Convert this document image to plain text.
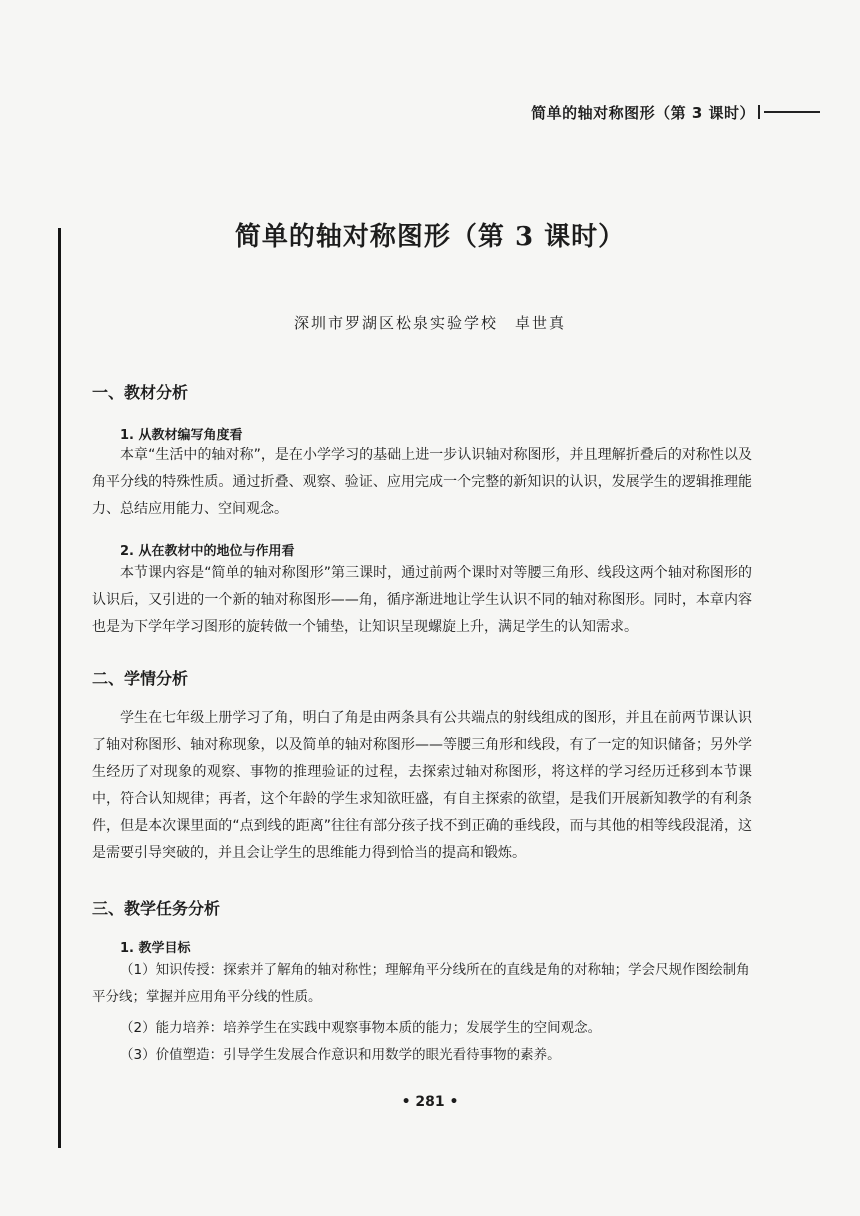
简单的轴对称图形（第 3 课时）
简单的轴对称图形（第 3 课时）
深圳市罗湖区松泉实验学校　卓世真
一、教材分析
1. 从教材编写角度看
本章“生活中的轴对称”，是在小学学习的基础上进一步认识轴对称图形，并且理解折叠后的对称性以及角平分线的特殊性质。通过折叠、观察、验证、应用完成一个完整的新知识的认识，发展学生的逻辑推理能力、总结应用能力、空间观念。
2. 从在教材中的地位与作用看
本节课内容是“简单的轴对称图形”第三课时，通过前两个课时对等腰三角形、线段这两个轴对称图形的认识后，又引进的一个新的轴对称图形——角，循序渐进地让学生认识不同的轴对称图形。同时，本章内容也是为下学年学习图形的旋转做一个铺垫，让知识呈现螺旋上升，满足学生的认知需求。
二、学情分析
学生在七年级上册学习了角，明白了角是由两条具有公共端点的射线组成的图形，并且在前两节课认识了轴对称图形、轴对称现象，以及简单的轴对称图形——等腰三角形和线段，有了一定的知识储备；另外学生经历了对现象的观察、事物的推理验证的过程，去探索过轴对称图形，将这样的学习经历迁移到本节课中，符合认知规律；再者，这个年龄的学生求知欲旺盛，有自主探索的欲望，是我们开展新知教学的有利条件，但是本次课里面的“点到线的距离”往往有部分孩子找不到正确的垂线段，而与其他的相等线段混淆，这是需要引导突破的，并且会让学生的思维能力得到恰当的提高和锻炼。
三、教学任务分析
1. 教学目标
（1）知识传授：探索并了解角的轴对称性；理解角平分线所在的直线是角的对称轴；学会尺规作图绘制角平分线；掌握并应用角平分线的性质。
（2）能力培养：培养学生在实践中观察事物本质的能力；发展学生的空间观念。
（3）价值塑造：引导学生发展合作意识和用数学的眼光看待事物的素养。
• 281 •
